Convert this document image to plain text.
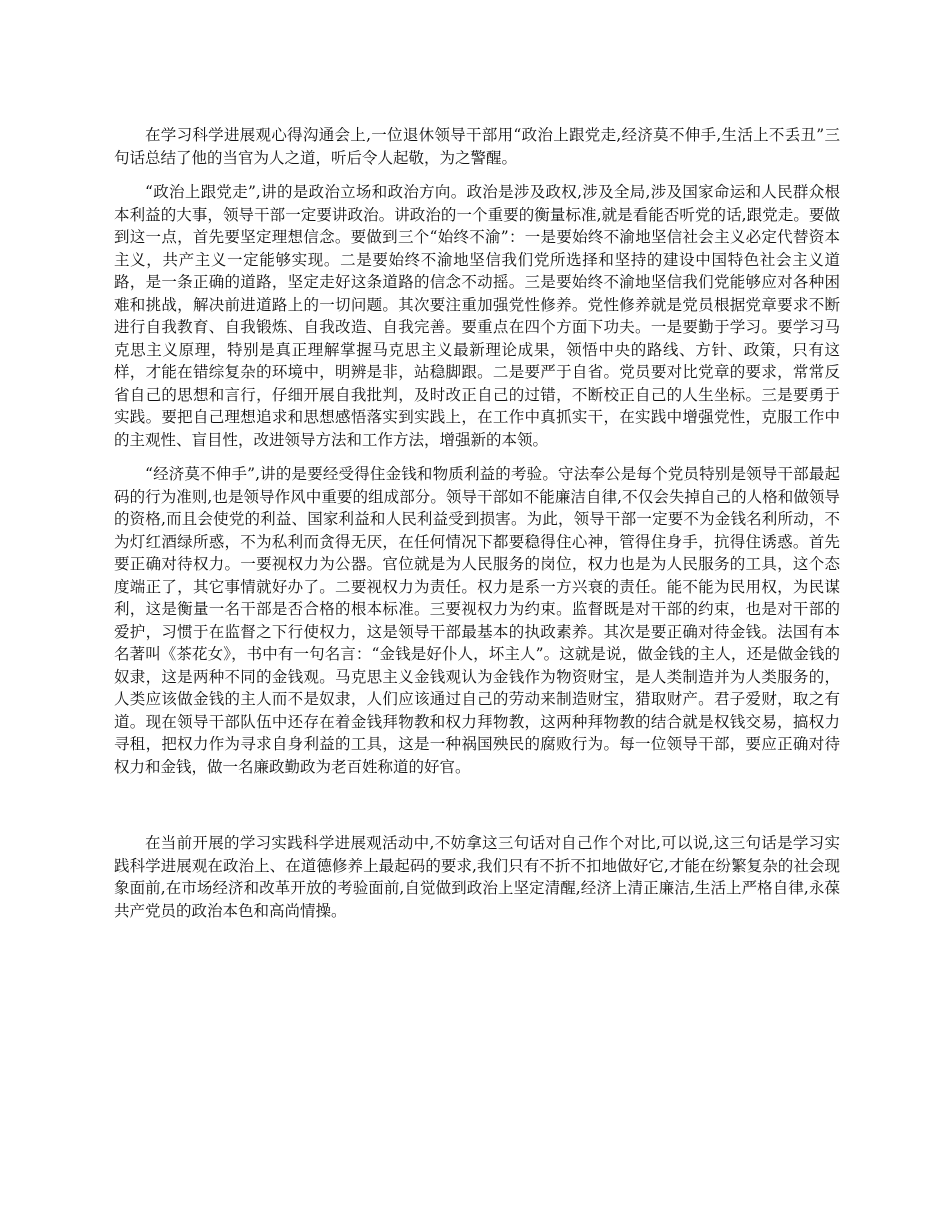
在学习科学进展观心得沟通会上,一位退休领导干部用“政治上跟党走,经济莫不伸手,生活上不丢丑”三句话总结了他的当官为人之道，听后令人起敬，为之警醒。

“政治上跟党走”,讲的是政治立场和政治方向。政治是涉及政权,涉及全局,涉及国家命运和人民群众根本利益的大事，领导干部一定要讲政治。讲政治的一个重要的衡量标准,就是看能否听党的话,跟党走。要做到这一点，首先要坚定理想信念。要做到三个“始终不渝”：一是要始终不渝地坚信社会主义必定代替资本主义，共产主义一定能够实现。二是要始终不渝地坚信我们党所选择和坚持的建设中国特色社会主义道路，是一条正确的道路，坚定走好这条道路的信念不动摇。三是要始终不渝地坚信我们党能够应对各种困难和挑战，解决前进道路上的一切问题。其次要注重加强党性修养。党性修养就是党员根据党章要求不断进行自我教育、自我锻炼、自我改造、自我完善。要重点在四个方面下功夫。一是要勤于学习。要学习马克思主义原理，特别是真正理解掌握马克思主义最新理论成果，领悟中央的路线、方针、政策，只有这样，才能在错综复杂的环境中，明辨是非，站稳脚跟。二是要严于自省。党员要对比党章的要求，常常反省自己的思想和言行，仔细开展自我批判，及时改正自己的过错，不断校正自己的人生坐标。三是要勇于实践。要把自己理想追求和思想感悟落实到实践上，在工作中真抓实干，在实践中增强党性，克服工作中的主观性、盲目性，改进领导方法和工作方法，增强新的本领。

“经济莫不伸手”,讲的是要经受得住金钱和物质利益的考验。守法奉公是每个党员特别是领导干部最起码的行为准则,也是领导作风中重要的组成部分。领导干部如不能廉洁自律,不仅会失掉自己的人格和做领导的资格,而且会使党的利益、国家利益和人民利益受到损害。为此，领导干部一定要不为金钱名利所动，不为灯红酒绿所惑，不为私利而贪得无厌，在任何情况下都要稳得住心神，管得住身手，抗得住诱惑。首先要正确对待权力。一要视权力为公器。官位就是为人民服务的岗位，权力也是为人民服务的工具，这个态度端正了，其它事情就好办了。二要视权力为责任。权力是系一方兴衰的责任。能不能为民用权，为民谋利，这是衡量一名干部是否合格的根本标准。三要视权力为约束。监督既是对干部的约束，也是对干部的爱护，习惯于在监督之下行使权力，这是领导干部最基本的执政素养。其次是要正确对待金钱。法国有本名著叫《茶花女》，书中有一句名言：“金钱是好仆人，坏主人”。这就是说，做金钱的主人，还是做金钱的奴隶，这是两种不同的金钱观。马克思主义金钱观认为金钱作为物资财宝，是人类制造并为人类服务的，人类应该做金钱的主人而不是奴隶，人们应该通过自己的劳动来制造财宝，猎取财产。君子爱财，取之有道。现在领导干部队伍中还存在着金钱拜物教和权力拜物教，这两种拜物教的结合就是权钱交易，搞权力寻租，把权力作为寻求自身利益的工具，这是一种祸国殃民的腐败行为。每一位领导干部，要应正确对待权力和金钱，做一名廉政勤政为老百姓称道的好官。

在当前开展的学习实践科学进展观活动中,不妨拿这三句话对自己作个对比,可以说,这三句话是学习实践科学进展观在政治上、在道德修养上最起码的要求,我们只有不折不扣地做好它,才能在纷繁复杂的社会现象面前,在市场经济和改革开放的考验面前,自觉做到政治上坚定清醒,经济上清正廉洁,生活上严格自律,永葆共产党员的政治本色和高尚情操。
